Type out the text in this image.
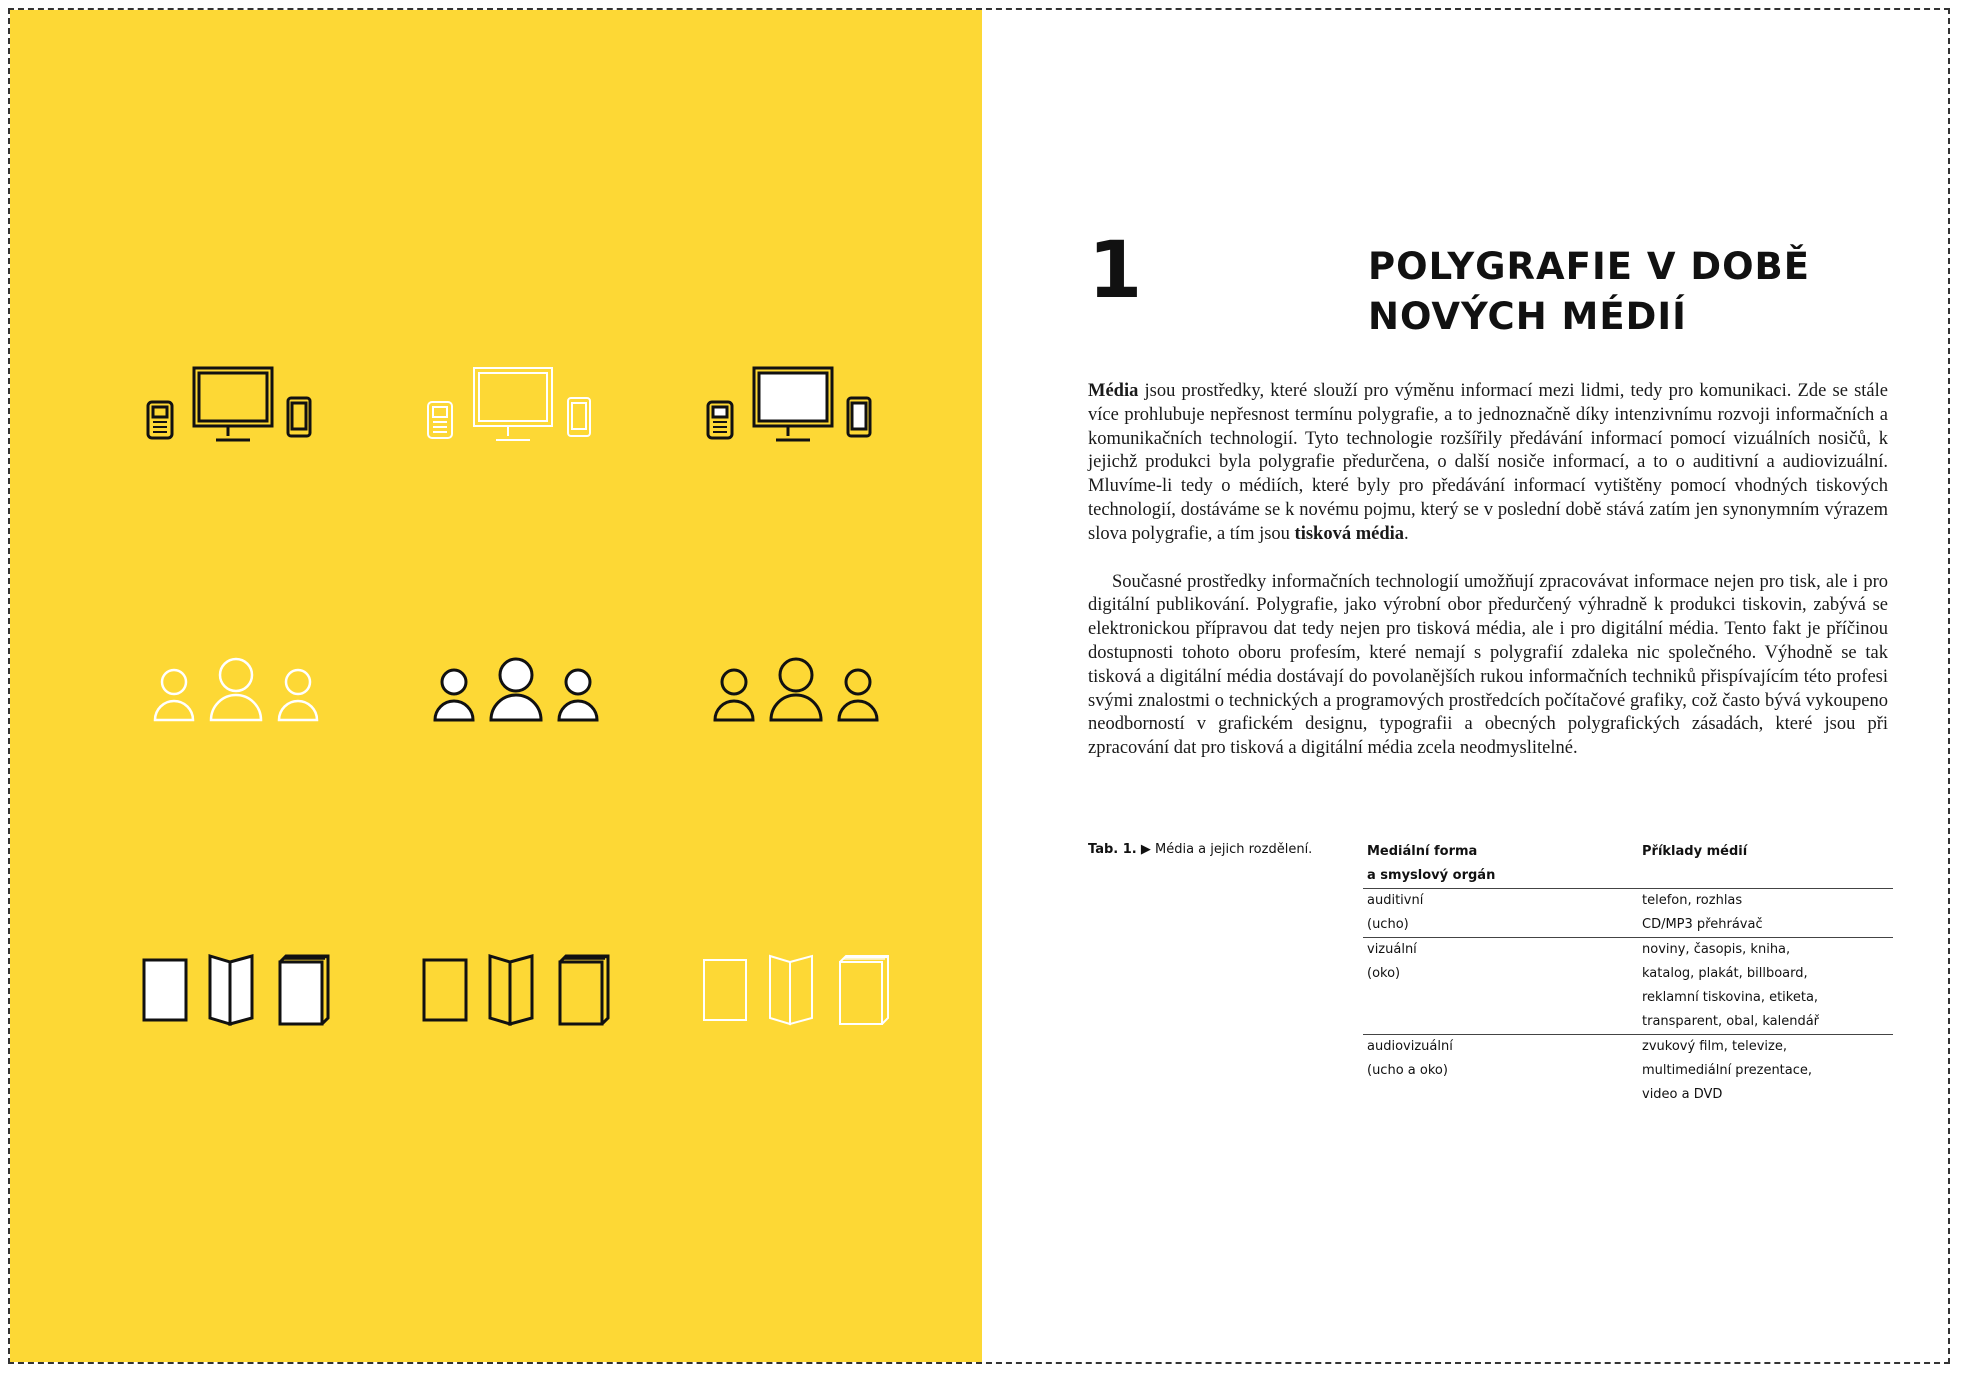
1	POLYGRAFIE V DOBĚ
NOVÝCH MÉDIÍ

Média jsou prostředky, které slouží pro výměnu informací mezi lidmi, tedy pro komunikaci. Zde se stále více prohlubuje nepřesnost termínu polygrafie, a to jednoznačně díky intenzivnímu rozvoji informačních a komunikačních technologií. Tyto technologie rozšířily předávání informací pomocí vizuálních nosičů, k jejichž produkci byla polygrafie předurčena, o další nosiče informací, a to o auditivní a audiovizuální. Mluvíme-li tedy o médiích, které byly pro předávání informací vytištěny pomocí vhodných tiskových technologií, dostáváme se k novému pojmu, který se v poslední době stává zatím jen synonymním výrazem slova polygrafie, a tím jsou tisková média.

Současné prostředky informačních technologií umožňují zpracovávat informace nejen pro tisk, ale i pro digitální publikování. Polygrafie, jako výrobní obor předurčený výhradně k produkci tiskovin, zabývá se elektronickou přípravou dat tedy nejen pro tisková média, ale i pro digitální média. Tento fakt je příčinou dostupnosti tohoto oboru profesím, které nemají s polygrafií zdaleka nic společného. Výhodně se tak tisková a digitální média dostávají do povolanějších rukou informačních techniků přispívajícím této profesi svými znalostmi o technických a programových prostředcích počítačové grafiky, což často bývá vykoupeno neodborností v grafickém designu, typografii a obecných polygrafických zásadách, které jsou při zpracování dat pro tisková a digitální média zcela neodmyslitelné.

Tab. 1. ▶ Média a jejich rozdělení.	Mediální forma
a smyslový orgán
Příklady médií
auditivní
(ucho)
telefon, rozhlas
CD/MP3 přehrávač
vizuální
(oko)
noviny, časopis, kniha,
katalog, plakát, billboard,
reklamní tiskovina, etiketa,
transparent, obal, kalendář
audiovizuální
(ucho a oko)
zvukový film, televize,
multimediální prezentace,
video a DVD
